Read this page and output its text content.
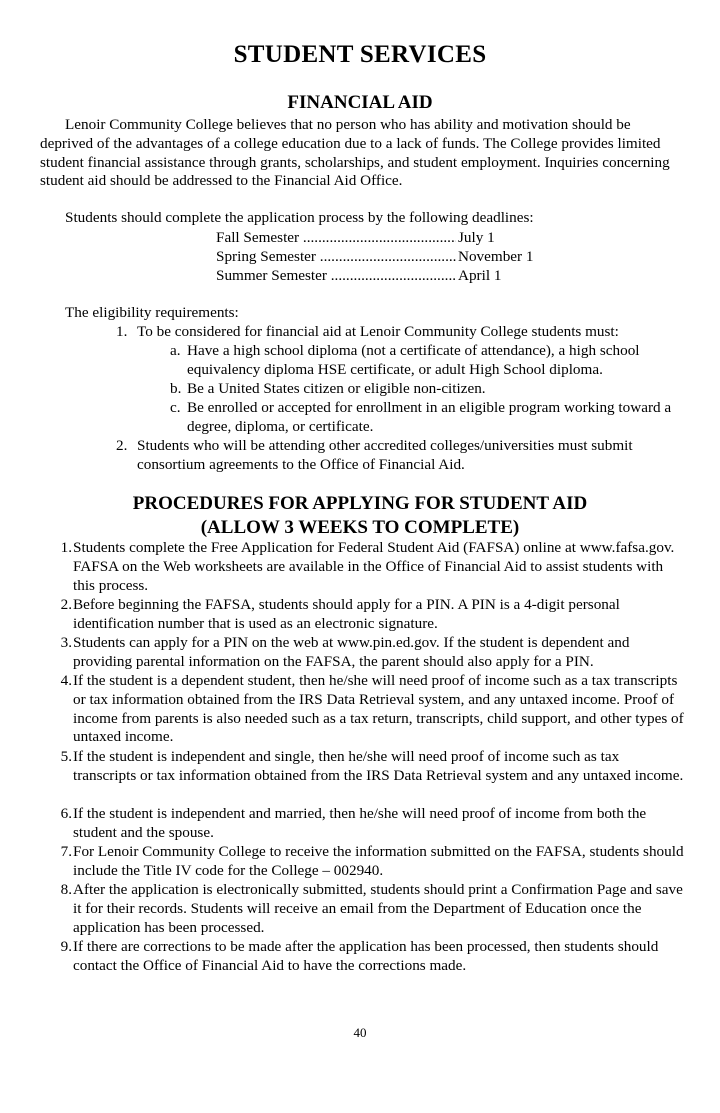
STUDENT SERVICES
FINANCIAL AID

Lenoir Community College believes that no person who has ability and motivation should be deprived of the advantages of a college education due to a lack of funds. The College provides limited student financial assistance through grants, scholarships, and student employment. Inquiries concerning student aid should be addressed to the Financial Aid Office.

Students should complete the application process by the following deadlines:

Fall Semester .....	July 1
Spring Semester .....	November 1
Summer Semester .....	April 1

The eligibility requirements:

1. To be considered for financial aid at Lenoir Community College students must:
a. Have a high school diploma (not a certificate of attendance), a high school equivalency diploma HSE certificate, or adult High School diploma.
b. Be a United States citizen or eligible non-citizen.
c. Be enrolled or accepted for enrollment in an eligible program working toward a degree, diploma, or certificate.
2. Students who will be attending other accredited colleges/universities must submit consortium agreements to the Office of Financial Aid.
PROCEDURES FOR APPLYING FOR STUDENT AID
(ALLOW 3 WEEKS TO COMPLETE)
1. Students complete the Free Application for Federal Student Aid (FAFSA) online at www.fafsa.gov. FAFSA on the Web worksheets are available in the Office of Financial Aid to assist students with this process.
2. Before beginning the FAFSA, students should apply for a PIN. A PIN is a 4-digit personal identification number that is used as an electronic signature.
3. Students can apply for a PIN on the web at www.pin.ed.gov. If the student is dependent and providing parental information on the FAFSA, the parent should also apply for a PIN.
4. If the student is a dependent student, then he/she will need proof of income such as a tax transcripts or tax information obtained from the IRS Data Retrieval system, and any untaxed income. Proof of income from parents is also needed such as a tax return, transcripts, child support, and other types of untaxed income.
5. If the student is independent and single, then he/she will need proof of income such as tax transcripts or tax information obtained from the IRS Data Retrieval system and any untaxed income.
6. If the student is independent and married, then he/she will need proof of income from both the student and the spouse.
7. For Lenoir Community College to receive the information submitted on the FAFSA, students should include the Title IV code for the College – 002940.
8. After the application is electronically submitted, students should print a Confirmation Page and save it for their records. Students will receive an email from the Department of Education once the application has been processed.
9. If there are corrections to be made after the application has been processed, then students should contact the Office of Financial Aid to have the corrections made.
40
